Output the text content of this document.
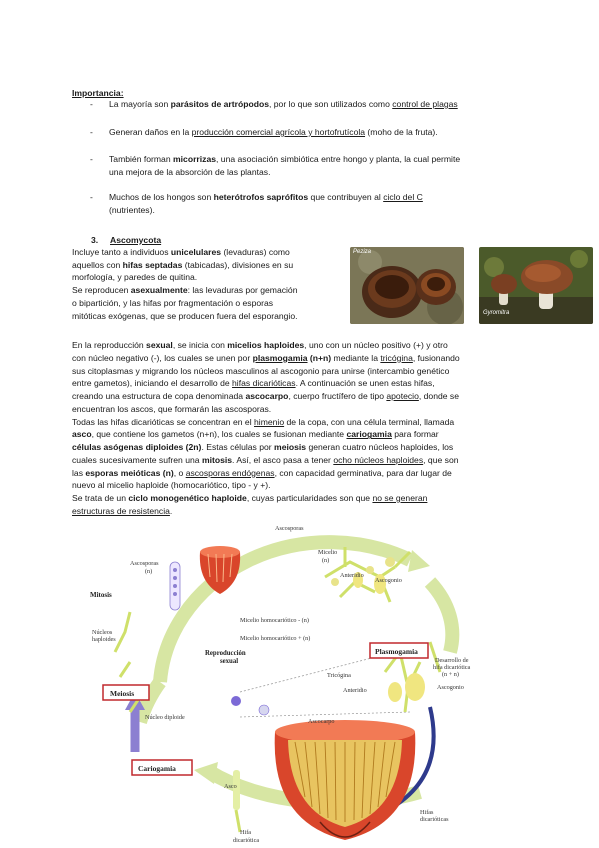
Importancia:
- La mayoría son parásitos de artrópodos, por lo que son utilizados como control de plagas
- Generan daños en la producción comercial agrícola y hortofrutícola (moho de la fruta).
- También forman micorrizas, una asociación simbiótica entre hongo y planta, la cual permite
una mejora de la absorción de las plantas.
- Muchos de los hongos son heterótrofos saprófitos que contribuyen al ciclo del C
(nutrientes).
3. Ascomycota
Incluye tanto a individuos unicelulares (levaduras) como
aquellos con hifas septadas (tabicadas), divisiones en su
morfología, y paredes de quitina.
Se reproducen asexualmente: las levaduras por gemación
o bipartición, y las hifas por fragmentación o esporas
mitóticas exógenas, que se producen fuera del esporangio.
Peziza
Gyromitra
En la reproducción sexual, se inicia con micelios haploides, uno con un núcleo positivo (+) y otro
con núcleo negativo (-), los cuales se unen por plasmogamia (n+n) mediante la tricógina, fusionando
sus citoplasmas y migrando los núcleos masculinos al ascogonio para unirse (intercambio genético
entre gametos), iniciando el desarrollo de hifas dicarióticas. A continuación se unen estas hifas,
creando una estructura de copa denominada ascocarpo, cuerpo fructífero de tipo apotecio, donde se
encuentran los ascos, que formarán las ascosporas.
Todas las hifas dicarióticas se concentran en el himenio de la copa, con una célula terminal, llamada
asco, que contiene los gametos (n+n), los cuales se fusionan mediante cariogamia para formar
células asógenas diploides (2n). Estas células por meiosis generan cuatro núcleos haploides, los
cuales sucesivamente sufren una mitosis. Así, el asco pasa a tener ocho núcleos haploides, que son
las esporas meióticas (n), o ascosporas endógenas, con capacidad germinativa, para dar lugar de
nuevo al micelio haploide (homocariótico, tipo - y +).
Se trata de un ciclo monogenético haploide, cuyas particularidades son que no se generan
estructuras de resistencia.
Plasmogamia
Meiosis
Cariogamia
Ascosporas
Ascosporas
(n)
Micelio
(n)
Anteridio
Ascogonio
Mitosis
Núcleos
haploides
Micelio homocariótico - (n)
Micelio homocariótico + (n)
Reproducción
sexual	Desarrollo de
hifa dicariótica
(n + n)
Tricógina
Anteridio	Ascogonio
Núcleo diploide
Ascocarpo
Asco
Hifas
dicarióticas
Hifa
dicariótica
